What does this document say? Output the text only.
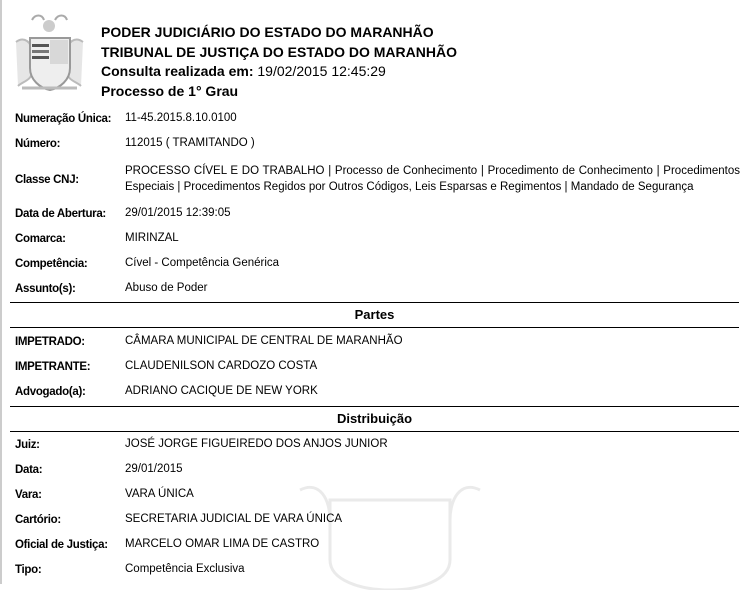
PODER JUDICIÁRIO DO ESTADO DO MARANHÃO
TRIBUNAL DE JUSTIÇA DO ESTADO DO MARANHÃO
Consulta realizada em: 19/02/2015 12:45:29
Processo de 1° Grau
Numeração Única:	11-45.2015.8.10.0100
Número:	112015 ( TRAMITANDO )
Classe CNJ:
PROCESSO CÍVEL E DO TRABALHO | Processo de Conhecimento | Procedimento de Conhecimento | Procedimentos Especiais | Procedimentos Regidos por Outros Códigos, Leis Esparsas e Regimentos | Mandado de Segurança
Data de Abertura:	29/01/2015 12:39:05
Comarca:	MIRINZAL
Competência:	Cível - Competência Genérica
Assunto(s):	Abuso de Poder
Partes
IMPETRADO:	CÂMARA MUNICIPAL DE CENTRAL DE MARANHÃO
IMPETRANTE:	CLAUDENILSON CARDOZO COSTA
Advogado(a):	ADRIANO CACIQUE DE NEW YORK
Distribuição
Juiz:	JOSÉ JORGE FIGUEIREDO DOS ANJOS JUNIOR
Data:	29/01/2015
Vara:	VARA ÚNICA
Cartório:	SECRETARIA JUDICIAL DE VARA ÚNICA
Oficial de Justiça:	MARCELO OMAR LIMA DE CASTRO
Tipo:	Competência Exclusiva
